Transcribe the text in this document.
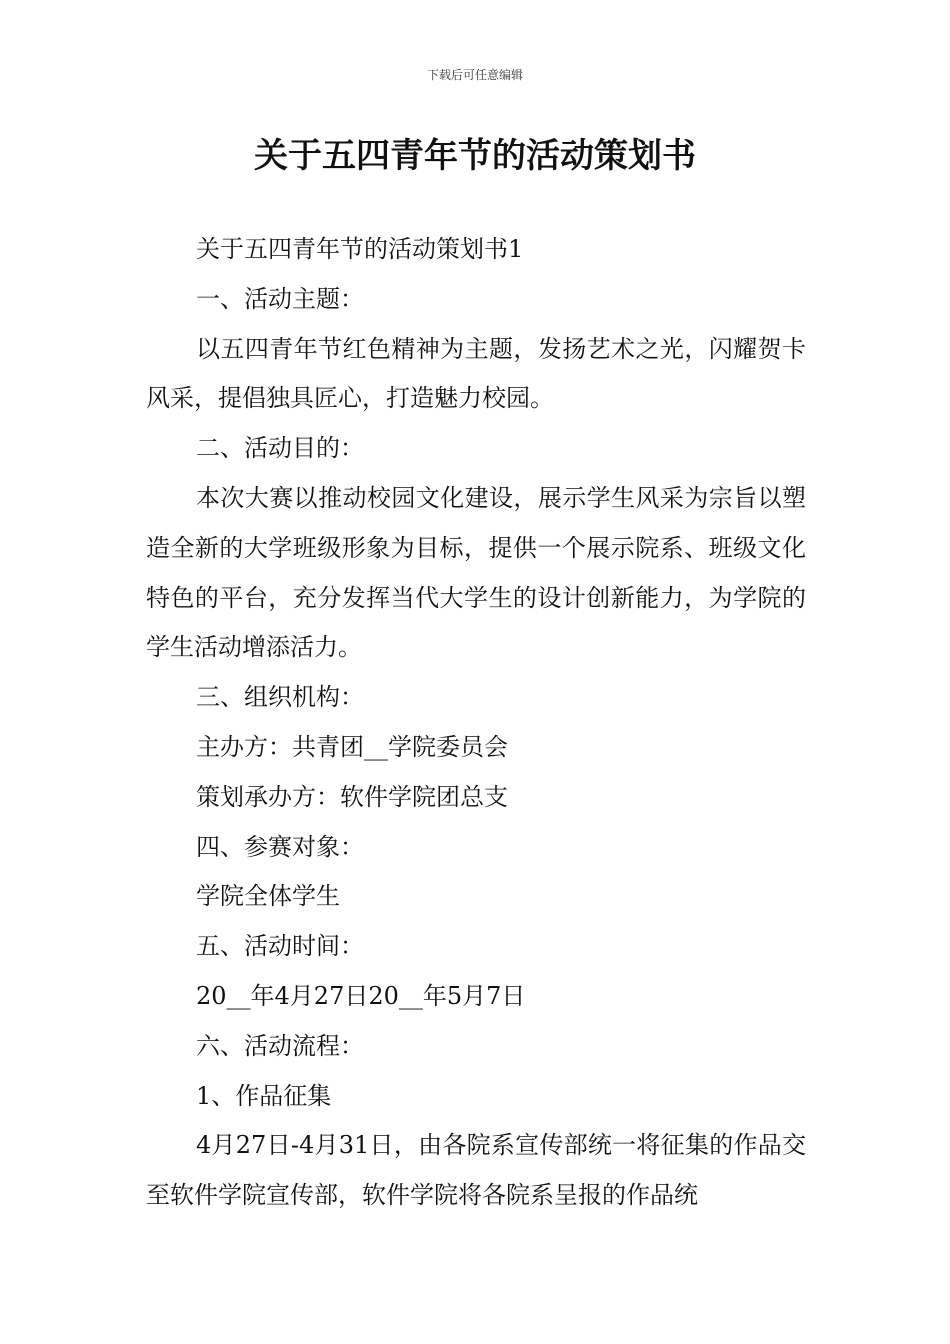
下载后可任意编辑
关于五四青年节的活动策划书

关于五四青年节的活动策划书1

一、活动主题：

以五四青年节红色精神为主题，发扬艺术之光，闪耀贺卡风采，提倡独具匠心，打造魅力校园。

二、活动目的：

本次大赛以推动校园文化建设，展示学生风采为宗旨以塑造全新的大学班级形象为目标，提供一个展示院系、班级文化特色的平台，充分发挥当代大学生的设计创新能力，为学院的学生活动增添活力。

三、组织机构：

主办方：共青团__学院委员会

策划承办方：软件学院团总支

四、参赛对象：

学院全体学生

五、活动时间：

20__年4月27日20__年5月7日

六、活动流程：

1、作品征集

4月27日-4月31日，由各院系宣传部统一将征集的作品交至软件学院宣传部，软件学院将各院系呈报的作品统
